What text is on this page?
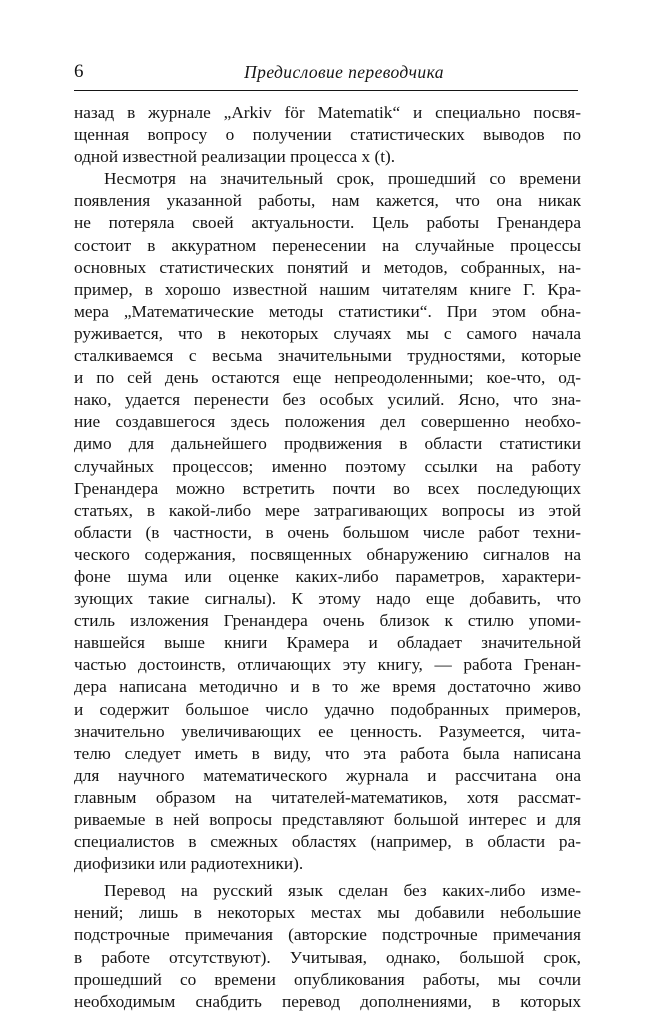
6	Предисловие переводчика
назад в журнале „Arkiv för Matematik“ и специально посвя-
щенная вопросу о получении статистических выводов по
одной известной реализации процесса x (t).
Несмотря на значительный срок, прошедший со времени
появления указанной работы, нам кажется, что она никак
не потеряла своей актуальности. Цель работы Гренандера
состоит в аккуратном перенесении на случайные процессы
основных статистических понятий и методов, собранных, на-
пример, в хорошо известной нашим читателям книге Г. Кра-
мера „Математические методы статистики“. При этом обна-
руживается, что в некоторых случаях мы с самого начала
сталкиваемся с весьма значительными трудностями, которые
и по сей день остаются еще непреодоленными; кое-что, од-
нако, удается перенести без особых усилий. Ясно, что зна-
ние создавшегося здесь положения дел совершенно необхо-
димо для дальнейшего продвижения в области статистики
случайных процессов; именно поэтому ссылки на работу
Гренандера можно встретить почти во всех последующих
статьях, в какой-либо мере затрагивающих вопросы из этой
области (в частности, в очень большом числе работ техни-
ческого содержания, посвященных обнаружению сигналов на
фоне шума или оценке каких-либо параметров, характери-
зующих такие сигналы). К этому надо еще добавить, что
стиль изложения Гренандера очень близок к стилю упоми-
навшейся выше книги Крамера и обладает значительной
частью достоинств, отличающих эту книгу, — работа Гренан-
дера написана методично и в то же время достаточно живо
и содержит большое число удачно подобранных примеров,
значительно увеличивающих ее ценность. Разумеется, чита-
телю следует иметь в виду, что эта работа была написана
для научного математического журнала и рассчитана она
главным образом на читателей-математиков, хотя рассмат-
риваемые в ней вопросы представляют большой интерес и для
специалистов в смежных областях (например, в области ра-
диофизики или радиотехники).
Перевод на русский язык сделан без каких-либо изме-
нений; лишь в некоторых местах мы добавили небольшие
подстрочные примечания (авторские подстрочные примечания
в работе отсутствуют). Учитывая, однако, большой срок,
прошедший со времени опубликования работы, мы сочли
необходимым снабдить перевод дополнениями, в которых
